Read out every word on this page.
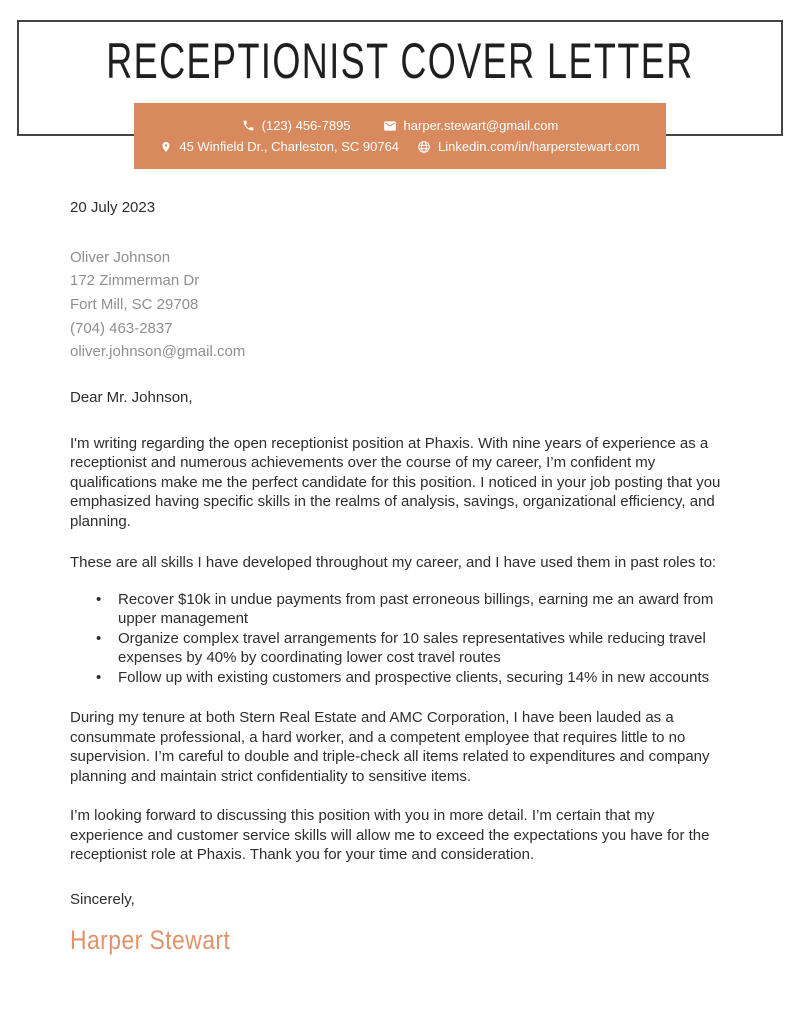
RECEPTIONIST COVER LETTER
(123) 456-7895	harper.stewart@gmail.com
45 Winfield Dr., Charleston, SC 90764	Linkedin.com/in/harperstewart.com

20 July 2023

Oliver Johnson
172 Zimmerman Dr
Fort Mill, SC 29708
(704) 463-2837
oliver.johnson@gmail.com

Dear Mr. Johnson,

I'm writing regarding the open receptionist position at Phaxis. With nine years of experience as a receptionist and numerous achievements over the course of my career, I’m confident my qualifications make me the perfect candidate for this position. I noticed in your job posting that you emphasized having specific skills in the realms of analysis, savings, organizational efficiency, and planning.

These are all skills I have developed throughout my career, and I have used them in past roles to:

• Recover $10k in undue payments from past erroneous billings, earning me an award from upper management
• Organize complex travel arrangements for 10 sales representatives while reducing travel expenses by 40% by coordinating lower cost travel routes
• Follow up with existing customers and prospective clients, securing 14% in new accounts

During my tenure at both Stern Real Estate and AMC Corporation, I have been lauded as a consummate professional, a hard worker, and a competent employee that requires little to no supervision. I’m careful to double and triple-check all items related to expenditures and company planning and maintain strict confidentiality to sensitive items.

I’m looking forward to discussing this position with you in more detail. I’m certain that my experience and customer service skills will allow me to exceed the expectations you have for the receptionist role at Phaxis. Thank you for your time and consideration.

Sincerely,

Harper Stewart
